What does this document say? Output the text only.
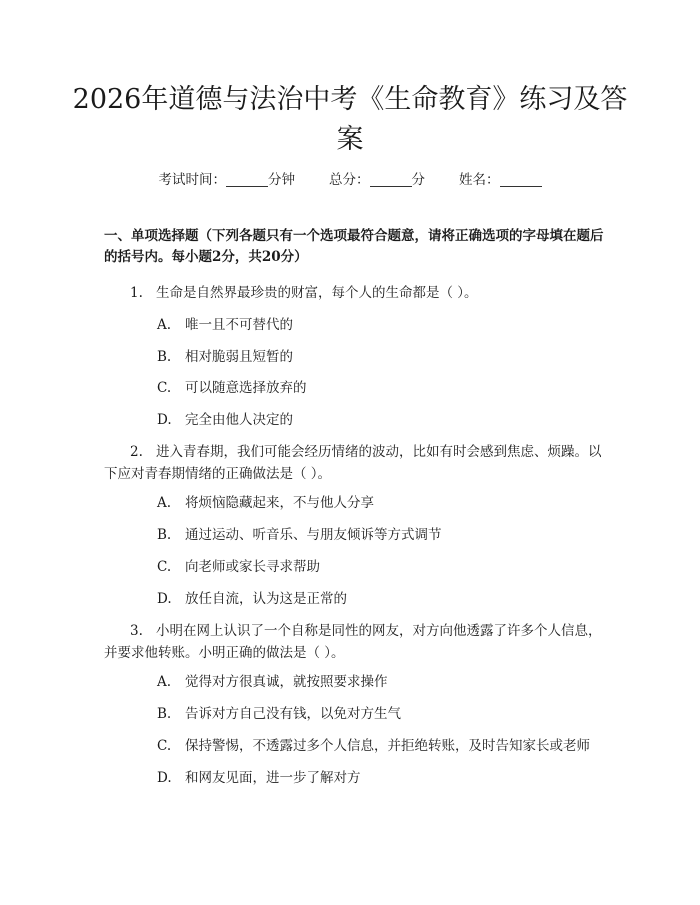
2026年道德与法治中考《生命教育》练习及答案
考试时间：	分钟	总分：	分	姓名：

一、单项选择题（下列各题只有一个选项最符合题意，请将正确选项的字母填在题后的括号内。每小题2分，共20分）

1. 生命是自然界最珍贵的财富，每个人的生命都是（ ）。

A. 唯一且不可替代的

B. 相对脆弱且短暂的

C. 可以随意选择放弃的

D. 完全由他人决定的

2. 进入青春期，我们可能会经历情绪的波动，比如有时会感到焦虑、烦躁。以下应对青春期情绪的正确做法是（ ）。

A. 将烦恼隐藏起来，不与他人分享

B. 通过运动、听音乐、与朋友倾诉等方式调节

C. 向老师或家长寻求帮助

D. 放任自流，认为这是正常的

3. 小明在网上认识了一个自称是同性的网友，对方向他透露了许多个人信息，并要求他转账。小明正确的做法是（ ）。

A. 觉得对方很真诚，就按照要求操作

B. 告诉对方自己没有钱，以免对方生气

C. 保持警惕，不透露过多个人信息，并拒绝转账，及时告知家长或老师

D. 和网友见面，进一步了解对方
